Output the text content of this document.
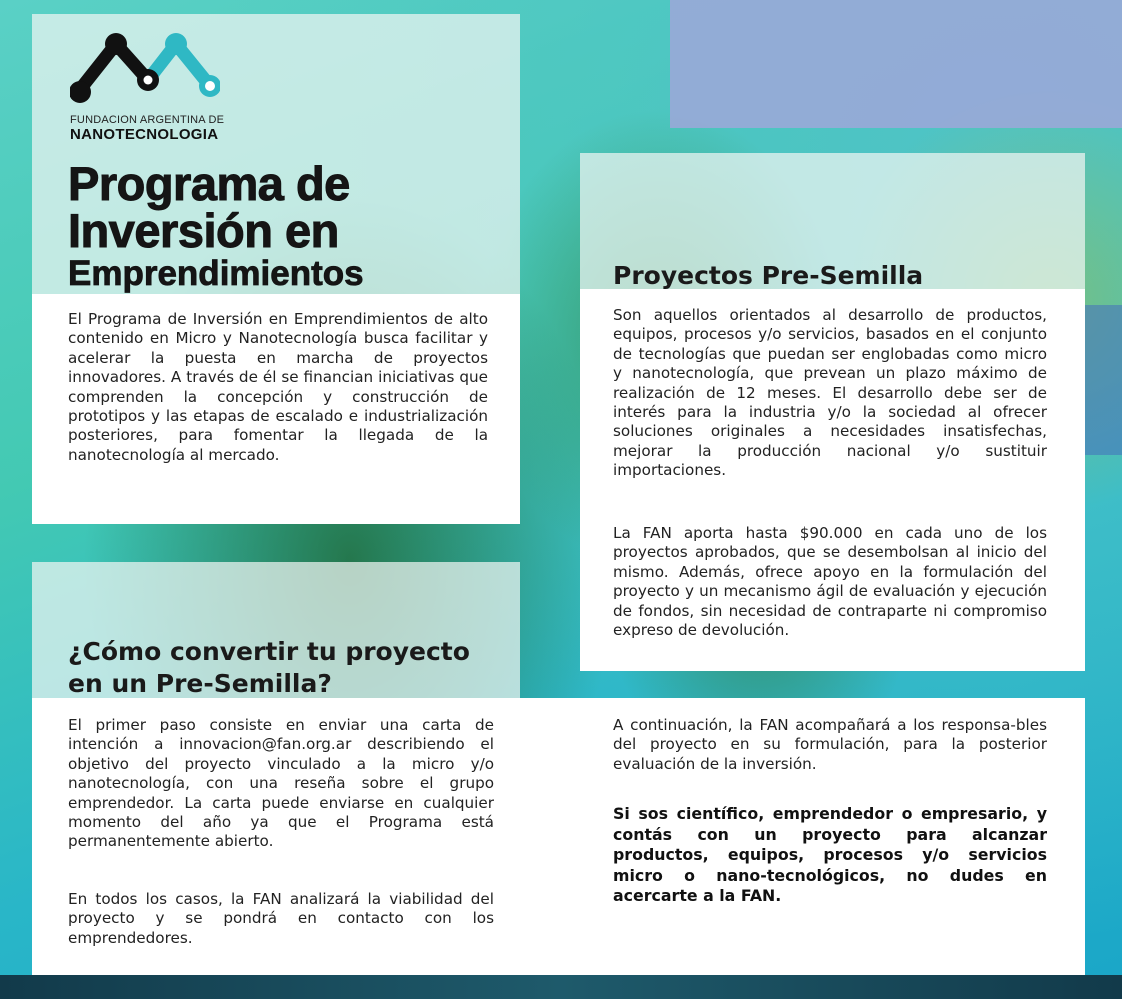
FUNDACION ARGENTINA DE
NANOTECNOLOGIA
Programa de
Inversión en
Emprendimientos

El Programa de Inversión en Emprendimientos de alto contenido en Micro y Nanotecnología busca facilitar y acelerar la puesta en marcha de proyectos innovadores. A través de él se financian iniciativas que comprenden la concepción y construcción de prototipos y las etapas de escalado e industrialización posteriores, para fomentar la llegada de la nanotecnología al mercado.

Proyectos Pre-Semilla

Son aquellos orientados al desarrollo de productos, equipos, procesos y/o servicios, basados en el conjunto de tecnologías que puedan ser englobadas como micro y nanotecnología, que prevean un plazo máximo de realización de 12 meses. El desarrollo debe ser de interés para la industria y/o la sociedad al ofrecer soluciones originales a necesidades insatisfechas, mejorar la producción nacional y/o sustituir importaciones.

La FAN aporta hasta $90.000 en cada uno de los proyectos aprobados, que se desembolsan al inicio del mismo. Además, ofrece apoyo en la formulación del proyecto y un mecanismo ágil de evaluación y ejecución de fondos, sin necesidad de contraparte ni compromiso expreso de devolución.

¿Cómo convertir tu proyecto
en un Pre-Semilla?

El primer paso consiste en enviar una carta de intención a innovacion@fan.org.ar describiendo el objetivo del proyecto vinculado a la micro y/o nanotecnología, con una reseña sobre el grupo emprendedor. La carta puede enviarse en cualquier momento del año ya que el Programa está permanentemente abierto.

En todos los casos, la FAN analizará la viabilidad del proyecto y se pondrá en contacto con los emprendedores.

A continuación, la FAN acompañará a los responsa-bles del proyecto en su formulación, para la posterior evaluación de la inversión.

Si sos científico, emprendedor o empresario, y contás con un proyecto para alcanzar productos, equipos, procesos y/o servicios micro o nano-tecnológicos, no dudes en acercarte a la FAN.
